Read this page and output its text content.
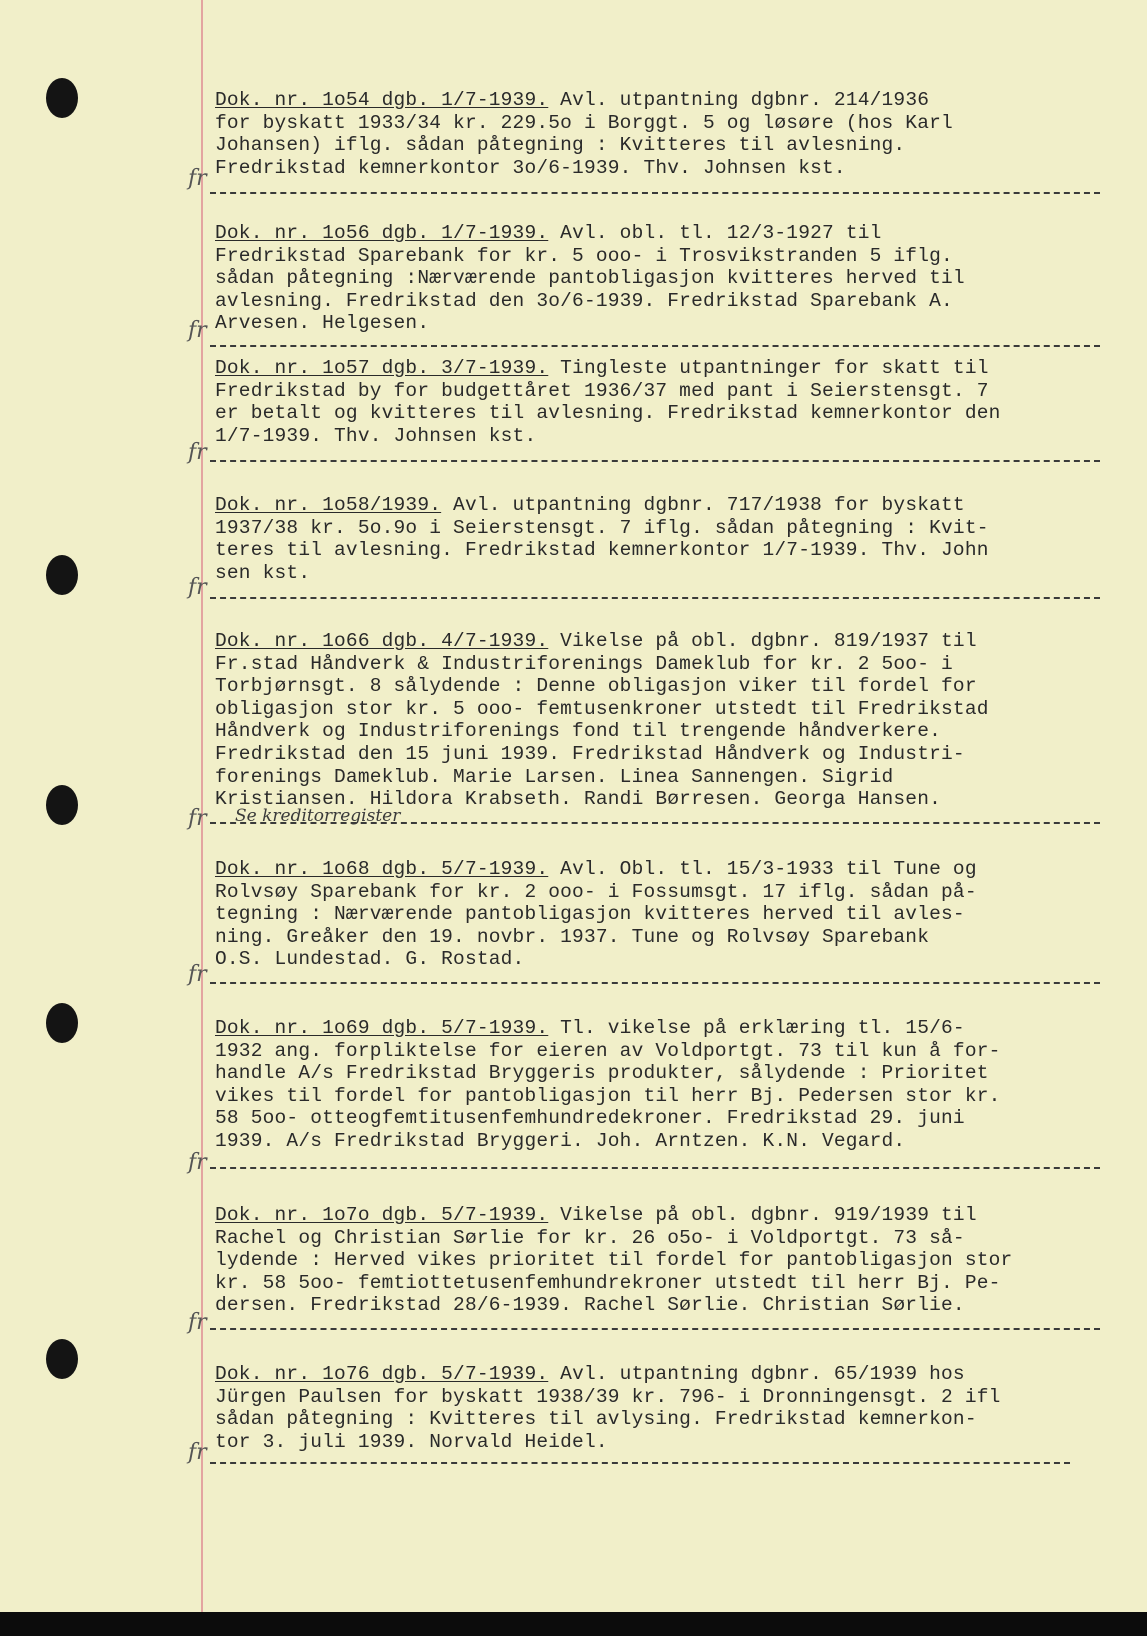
Dok. nr. 1o54 dgb. 1/7-1939. Avl. utpantning dgbnr. 214/1936
for byskatt 1933/34 kr. 229.5o i Borggt. 5 og løsøre (hos Karl
Johansen) iflg. sådan påtegning : Kvitteres til avlesning.
Fredrikstad kemnerkontor 3o/6-1939. Thv. Johnsen kst.
fr
Dok. nr. 1o56 dgb. 1/7-1939. Avl. obl. tl. 12/3-1927 til
Fredrikstad Sparebank for kr. 5 ooo- i Trosvikstranden 5 iflg.
sådan påtegning :Nærværende pantobligasjon kvitteres herved til
avlesning. Fredrikstad den 3o/6-1939. Fredrikstad Sparebank A.
Arvesen. Helgesen.
fr
Dok. nr. 1o57 dgb. 3/7-1939. Tingleste utpantninger for skatt til
Fredrikstad by for budgettåret 1936/37 med pant i Seierstensgt. 7
er betalt og kvitteres til avlesning. Fredrikstad kemnerkontor den
1/7-1939. Thv. Johnsen kst.
fr
Dok. nr. 1o58/1939. Avl. utpantning dgbnr. 717/1938 for byskatt
1937/38 kr. 5o.9o i Seierstensgt. 7 iflg. sådan påtegning : Kvit-
teres til avlesning. Fredrikstad kemnerkontor 1/7-1939. Thv. John
sen kst.
fr
Dok. nr. 1o66 dgb. 4/7-1939. Vikelse på obl. dgbnr. 819/1937 til
Fr.stad Håndverk & Industriforenings Dameklub for kr. 2 5oo- i
Torbjørnsgt. 8 sålydende : Denne obligasjon viker til fordel for
obligasjon stor kr. 5 ooo- femtusenkroner utstedt til Fredrikstad
Håndverk og Industriforenings fond til trengende håndverkere.
Fredrikstad den 15 juni 1939. Fredrikstad Håndverk og Industri-
forenings Dameklub. Marie Larsen. Linea Sannengen. Sigrid
Kristiansen. Hildora Krabseth. Randi Børresen. Georga Hansen.
fr Se kreditorregister
Dok. nr. 1o68 dgb. 5/7-1939. Avl. Obl. tl. 15/3-1933 til Tune og
Rolvsøy Sparebank for kr. 2 ooo- i Fossumsgt. 17 iflg. sådan på-
tegning : Nærværende pantobligasjon kvitteres herved til avles-
ning. Greåker den 19. novbr. 1937. Tune og Rolvsøy Sparebank
O.S. Lundestad. G. Rostad.
fr
Dok. nr. 1o69 dgb. 5/7-1939. Tl. vikelse på erklæring tl. 15/6-
1932 ang. forpliktelse for eieren av Voldportgt. 73 til kun å for-
handle A/s Fredrikstad Bryggeris produkter, sålydende : Prioritet
vikes til fordel for pantobligasjon til herr Bj. Pedersen stor kr.
58 5oo- otteogfemtitusenfemhundredekroner. Fredrikstad 29. juni
1939. A/s Fredrikstad Bryggeri. Joh. Arntzen. K.N. Vegard.
fr
Dok. nr. 1o7o dgb. 5/7-1939. Vikelse på obl. dgbnr. 919/1939 til
Rachel og Christian Sørlie for kr. 26 o5o- i Voldportgt. 73 så-
lydende : Herved vikes prioritet til fordel for pantobligasjon stor
kr. 58 5oo- femtiottetusenfemhundrekroner utstedt til herr Bj. Pe-
dersen. Fredrikstad 28/6-1939. Rachel Sørlie. Christian Sørlie.
fr
Dok. nr. 1o76 dgb. 5/7-1939. Avl. utpantning dgbnr. 65/1939 hos
Jürgen Paulsen for byskatt 1938/39 kr. 796- i Dronningensgt. 2 ifl
sådan påtegning : Kvitteres til avlysing. Fredrikstad kemnerkon-
tor 3. juli 1939. Norvald Heidel.
fr
